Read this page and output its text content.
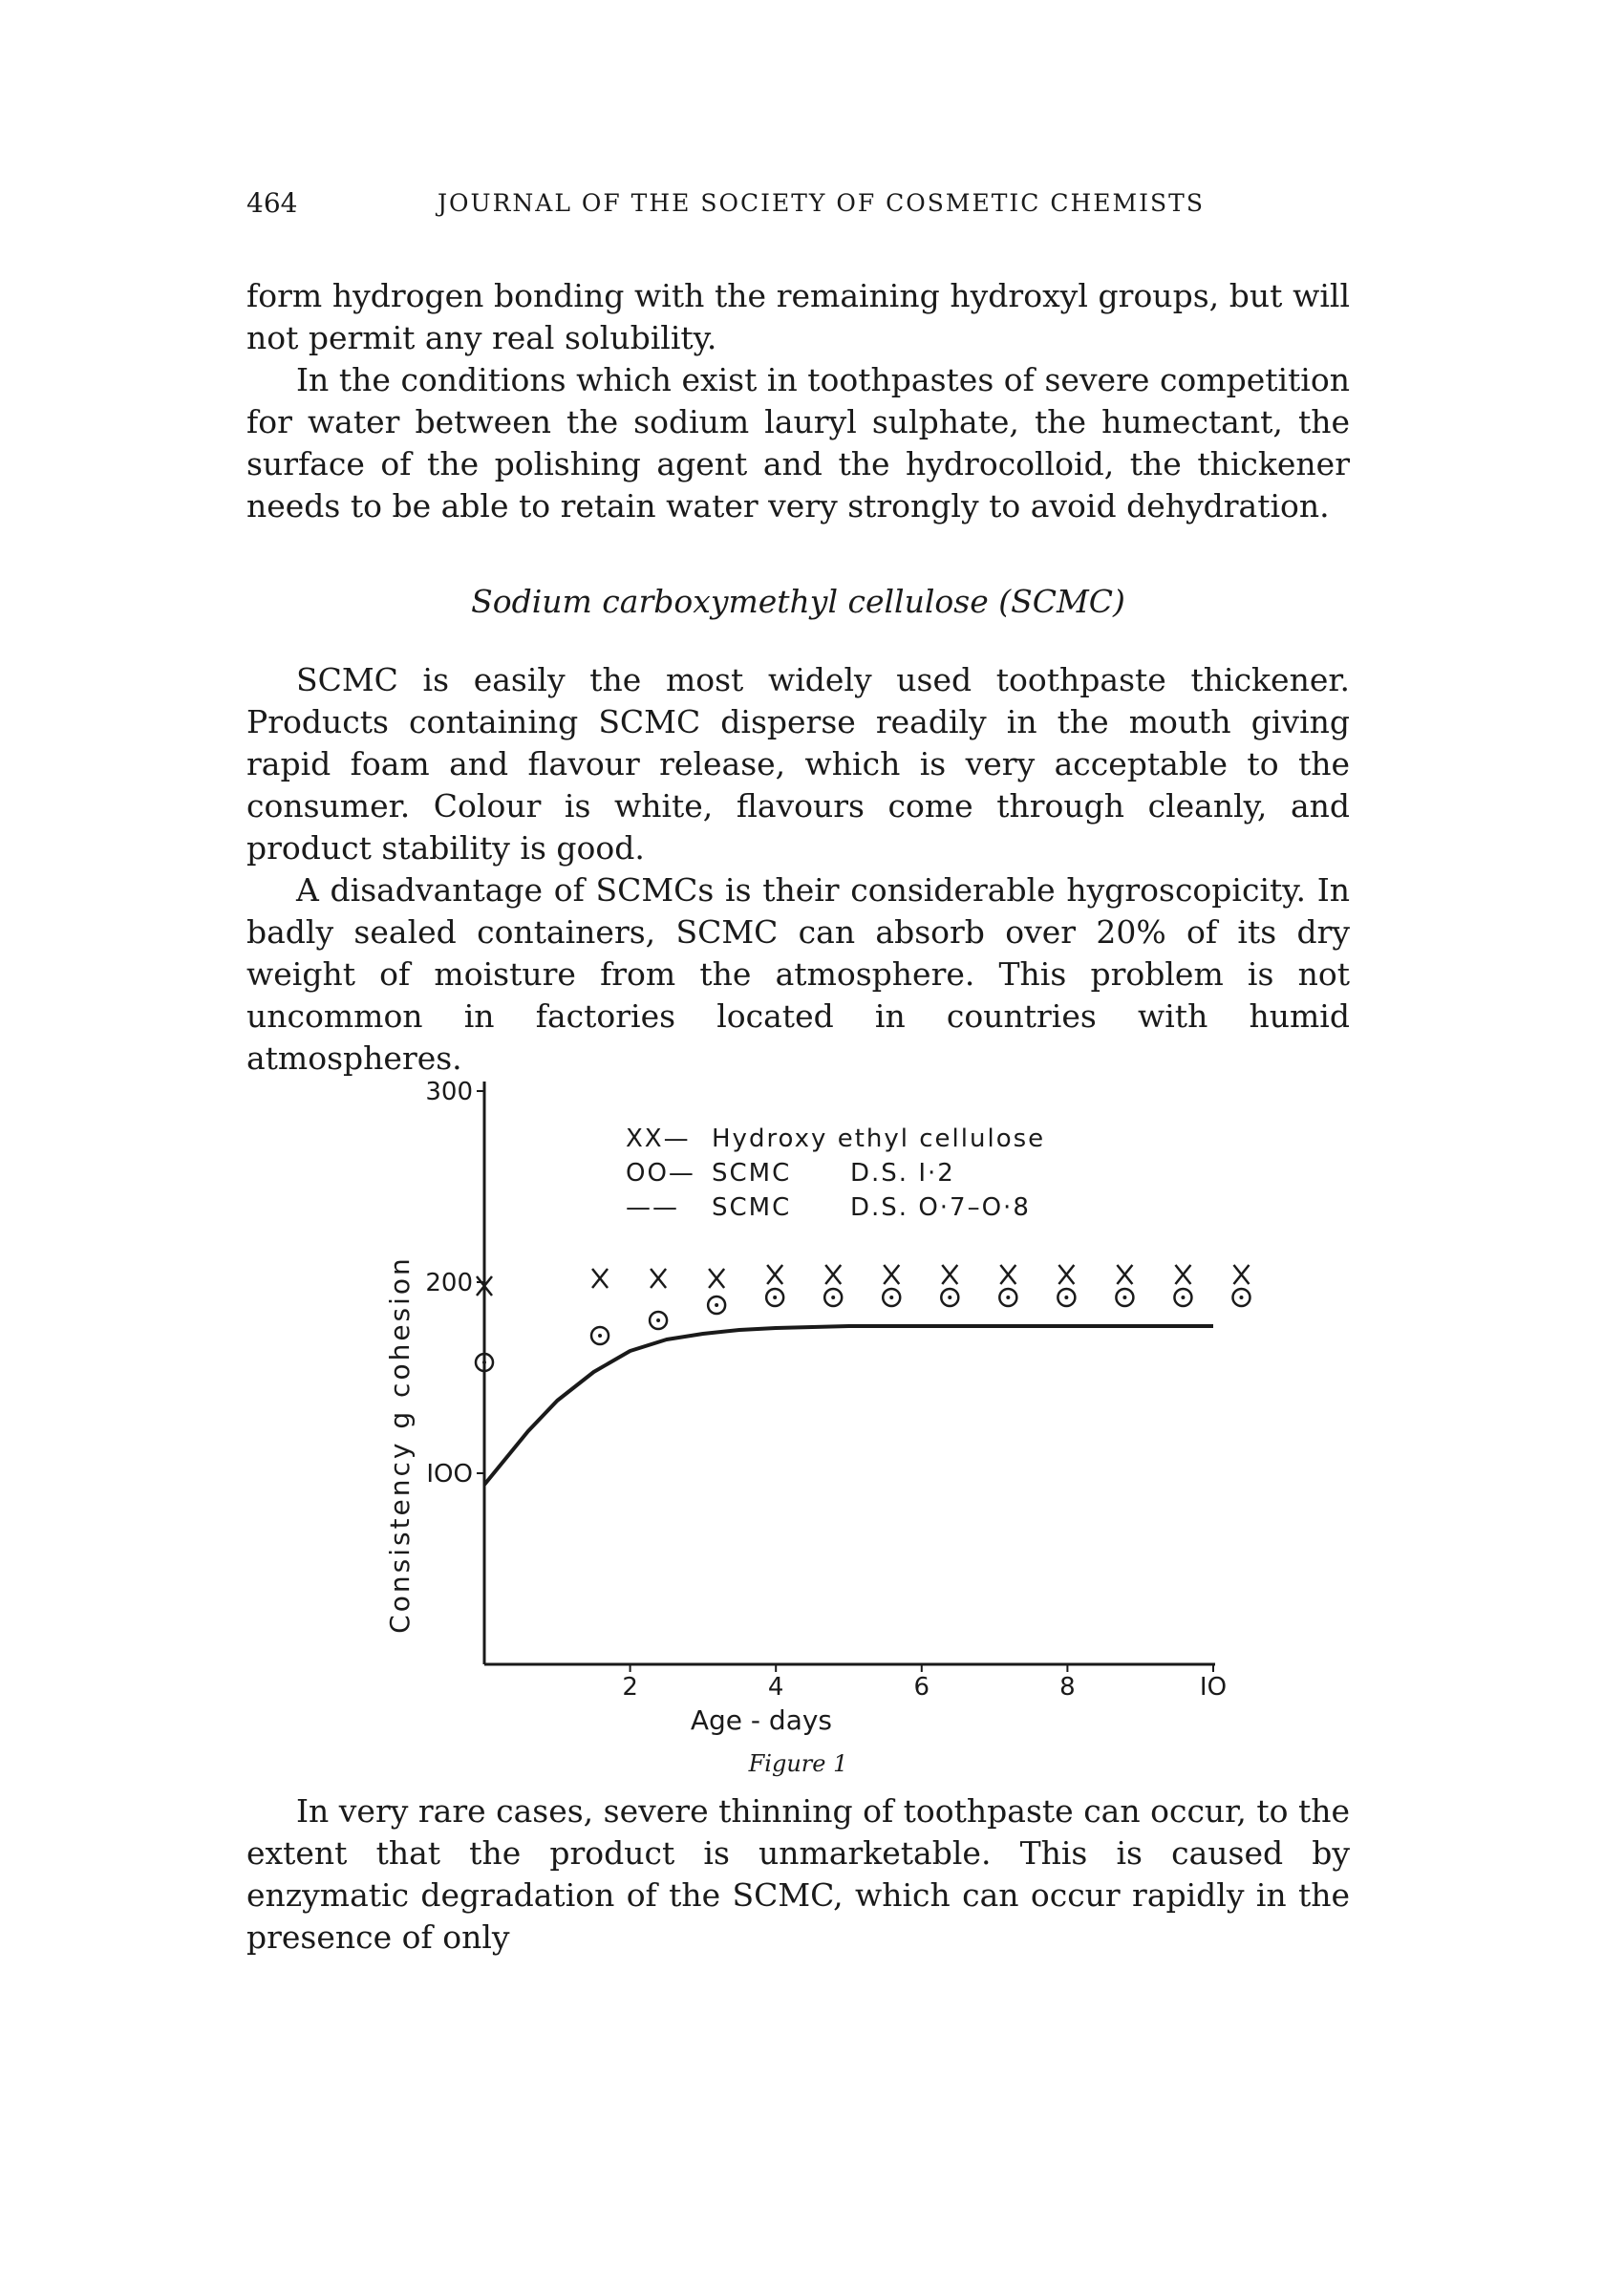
464	JOURNAL OF THE SOCIETY OF COSMETIC CHEMISTS

form hydrogen bonding with the remaining hydroxyl groups, but will not permit any real solubility.

In the conditions which exist in toothpastes of severe competition for water between the sodium lauryl sulphate, the humectant, the surface of the polishing agent and the hydrocolloid, the thickener needs to be able to retain water very strongly to avoid dehydration.

Sodium carboxymethyl cellulose (SCMC)

SCMC is easily the most widely used toothpaste thickener. Products containing SCMC disperse readily in the mouth giving rapid foam and flavour release, which is very acceptable to the consumer. Colour is white, flavours come through cleanly, and product stability is good.

A disadvantage of SCMCs is their considerable hygroscopicity. In badly sealed containers, SCMC can absorb over 20% of its dry weight of moisture from the atmosphere. This problem is not uncommon in factories located in countries with humid atmospheres.

IOO
200
300
2	4	6	8	IO
Age - days
Consistency g cohesion
XX— Hydroxy ethyl cellulose
OO— SCMC D.S. I·2
—— SCMC D.S. O·7–O·8
Figure 1

In very rare cases, severe thinning of toothpaste can occur, to the extent that the product is unmarketable. This is caused by enzymatic degradation of the SCMC, which can occur rapidly in the presence of only
